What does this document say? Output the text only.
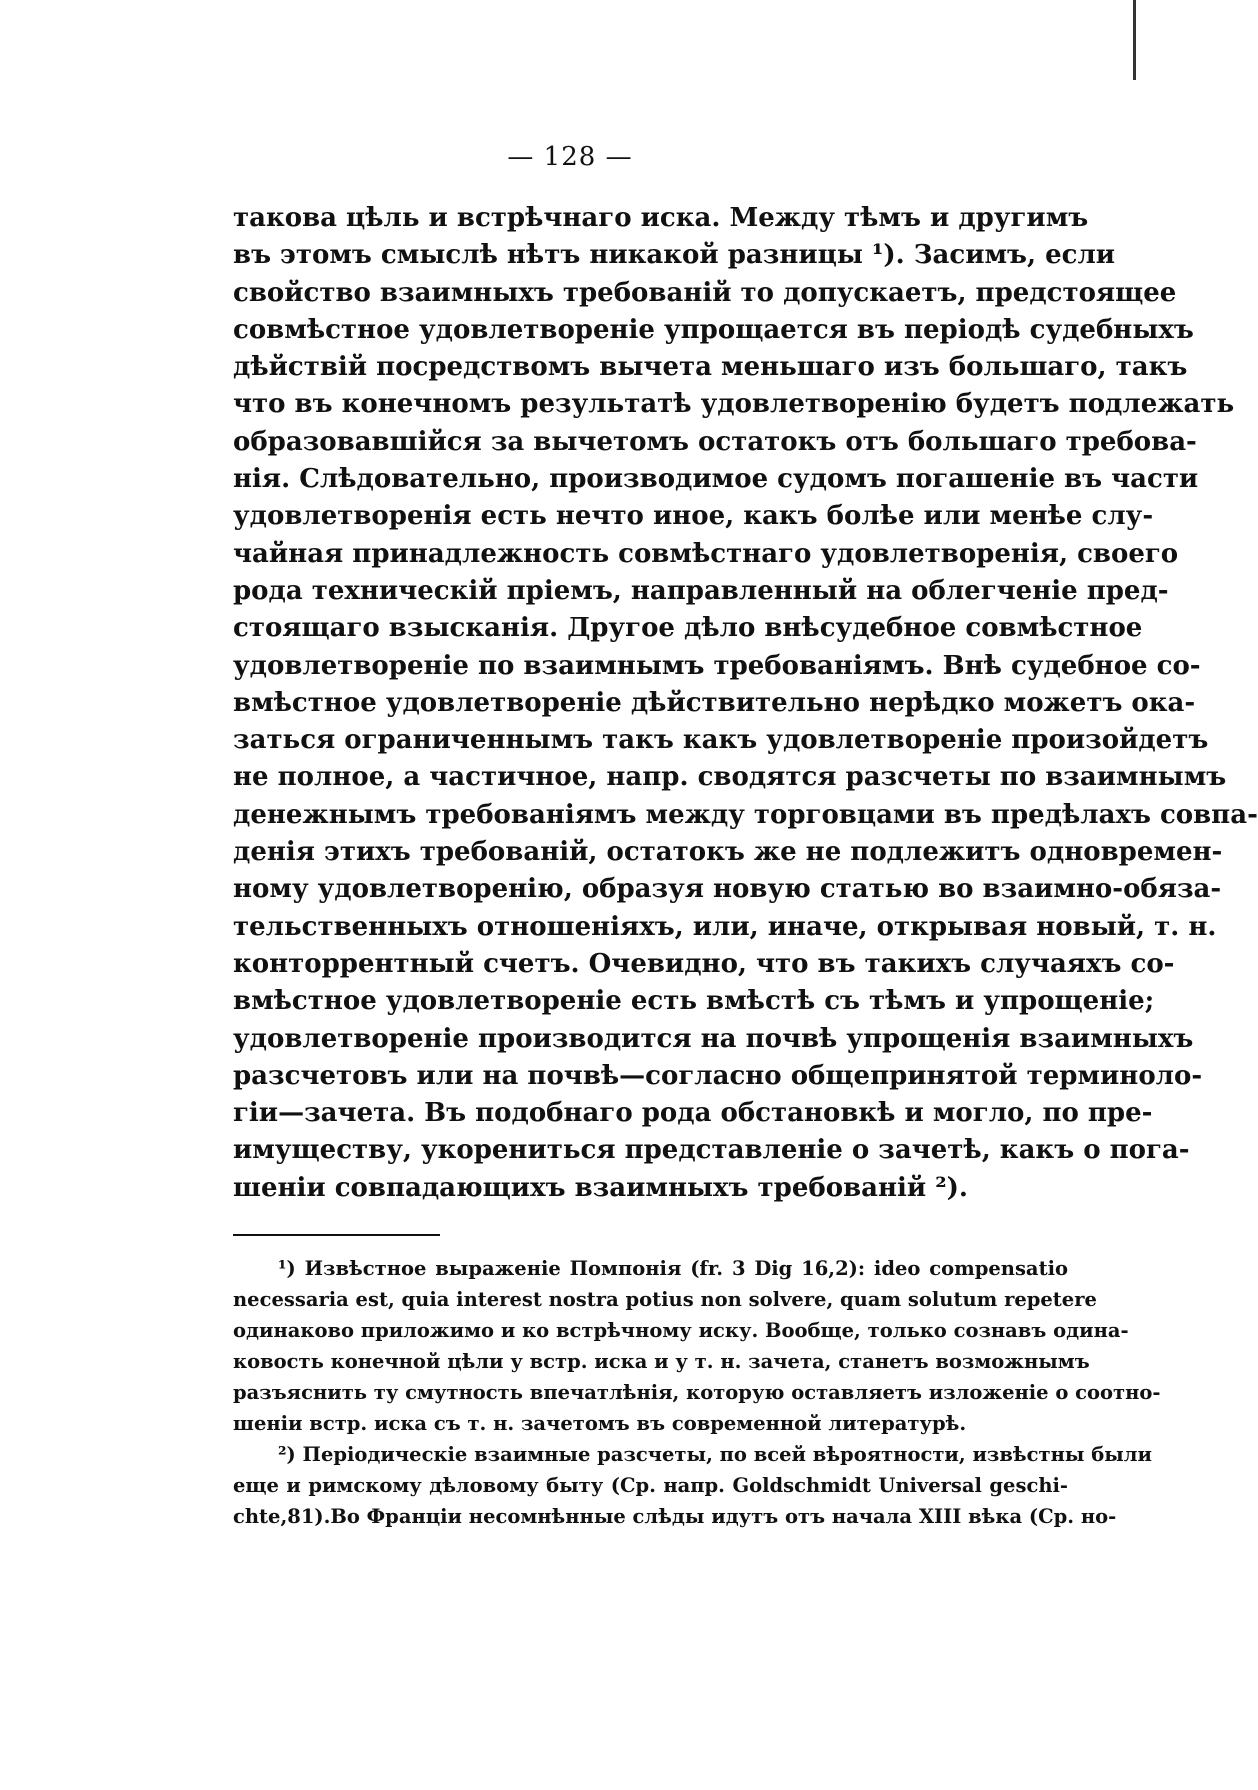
— 128 —
такова цѣль и встрѣчнаго иска. Между тѣмъ и другимъ
въ этомъ смыслѣ нѣтъ никакой разницы ¹). Засимъ, если
свойство взаимныхъ требованій то допускаетъ, предстоящее
совмѣстное удовлетвореніе упрощается въ періодѣ судебныхъ
дѣйствій посредствомъ вычета меньшаго изъ большаго, такъ
что въ конечномъ результатѣ удовлетворенію будетъ подлежать
образовавшійся за вычетомъ остатокъ отъ большаго требова-
нія. Слѣдовательно, производимое судомъ погашеніе въ части
удовлетворенія есть нечто иное, какъ болѣе или менѣе слу-
чайная принадлежность совмѣстнаго удовлетворенія, своего
рода техническій пріемъ, направленный на облегченіе пред-
стоящаго взысканія. Другое дѣло внѣсудебное совмѣстное
удовлетвореніе по взаимнымъ требованіямъ. Внѣ судебное со-
вмѣстное удовлетвореніе дѣйствительно нерѣдко можетъ ока-
заться ограниченнымъ такъ какъ удовлетвореніе произойдетъ
не полное, а частичное, напр. сводятся разсчеты по взаимнымъ
денежнымъ требованіямъ между торговцами въ предѣлахъ совпа-
денія этихъ требованій, остатокъ же не подлежитъ одновремен-
ному удовлетворенію, образуя новую статью во взаимно-обяза-
тельственныхъ отношеніяхъ, или, иначе, открывая новый, т. н.
конторрентный счетъ. Очевидно, что въ такихъ случаяхъ со-
вмѣстное удовлетвореніе есть вмѣстѣ съ тѣмъ и упрощеніе;
удовлетвореніе производится на почвѣ упрощенія взаимныхъ
разсчетовъ или на почвѣ—согласно общепринятой терминоло-
гіи—зачета. Въ подобнаго рода обстановкѣ и могло, по пре-
имуществу, укорениться представленіе о зачетѣ, какъ о пога-
шеніи совпадающихъ взаимныхъ требованій ²).
¹) Извѣстное выраженіе Помпонія (fr. 3 Dig 16,2): ideo compensatio
necessaria est, quia interest nostra potius non solvere, quam solutum repetere
одинаково приложимо и ко встрѣчному иску. Вообще, только сознавъ одина-
ковость конечной цѣли у встр. иска и у т. н. зачета, станетъ возможнымъ
разъяснить ту смутность впечатлѣнія, которую оставляетъ изложеніе о соотно-
шеніи встр. иска съ т. н. зачетомъ въ современной литературѣ.
²) Періодическіе взаимные разсчеты, по всей вѣроятности, извѣстны были
еще и римскому дѣловому быту (Ср. напр. Goldschmidt Universal geschi-
chte,81).Во Франціи несомнѣнные слѣды идутъ отъ начала XIII вѣка (Ср. но-
